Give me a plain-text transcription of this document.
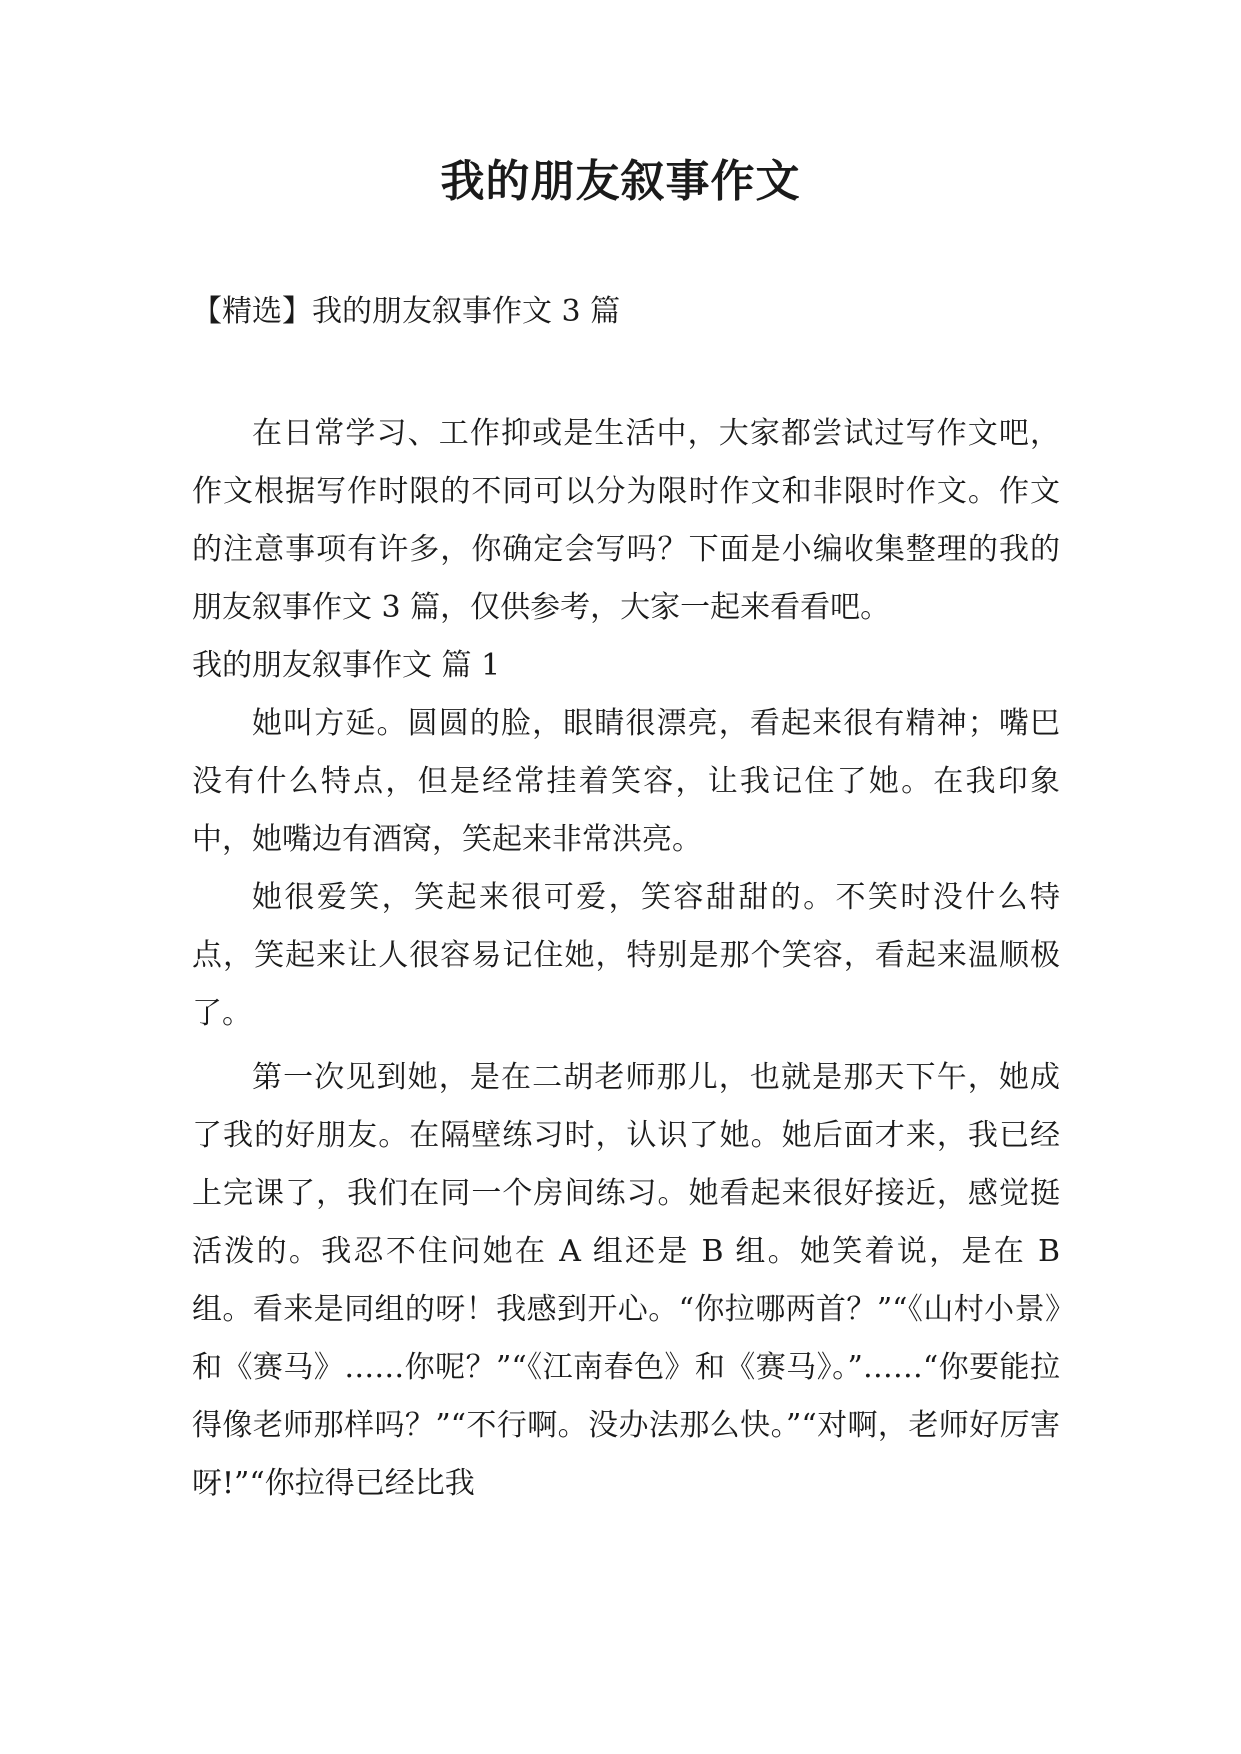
我的朋友叙事作文
【精选】我的朋友叙事作文 3 篇

在日常学习、工作抑或是生活中，大家都尝试过写作文吧，作文根据写作时限的不同可以分为限时作文和非限时作文。作文的注意事项有许多，你确定会写吗？下面是小编收集整理的我的朋友叙事作文 3 篇，仅供参考，大家一起来看看吧。

我的朋友叙事作文 篇 1

她叫方延。圆圆的脸，眼睛很漂亮，看起来很有精神；嘴巴没有什么特点，但是经常挂着笑容，让我记住了她。在我印象中，她嘴边有酒窝，笑起来非常洪亮。

她很爱笑，笑起来很可爱，笑容甜甜的。不笑时没什么特点，笑起来让人很容易记住她，特别是那个笑容，看起来温顺极了。

第一次见到她，是在二胡老师那儿，也就是那天下午，她成了我的好朋友。在隔壁练习时，认识了她。她后面才来，我已经上完课了，我们在同一个房间练习。她看起来很好接近，感觉挺活泼的。我忍不住问她在 A 组还是 B 组。她笑着说，是在 B 组。看来是同组的呀！我感到开心。“你拉哪两首？”“《山村小景》和《赛马》……你呢？”“《江南春色》和《赛马》。”……“你要能拉得像老师那样吗？”“不行啊。没办法那么快。”“对啊，老师好厉害呀!”“你拉得已经比我
